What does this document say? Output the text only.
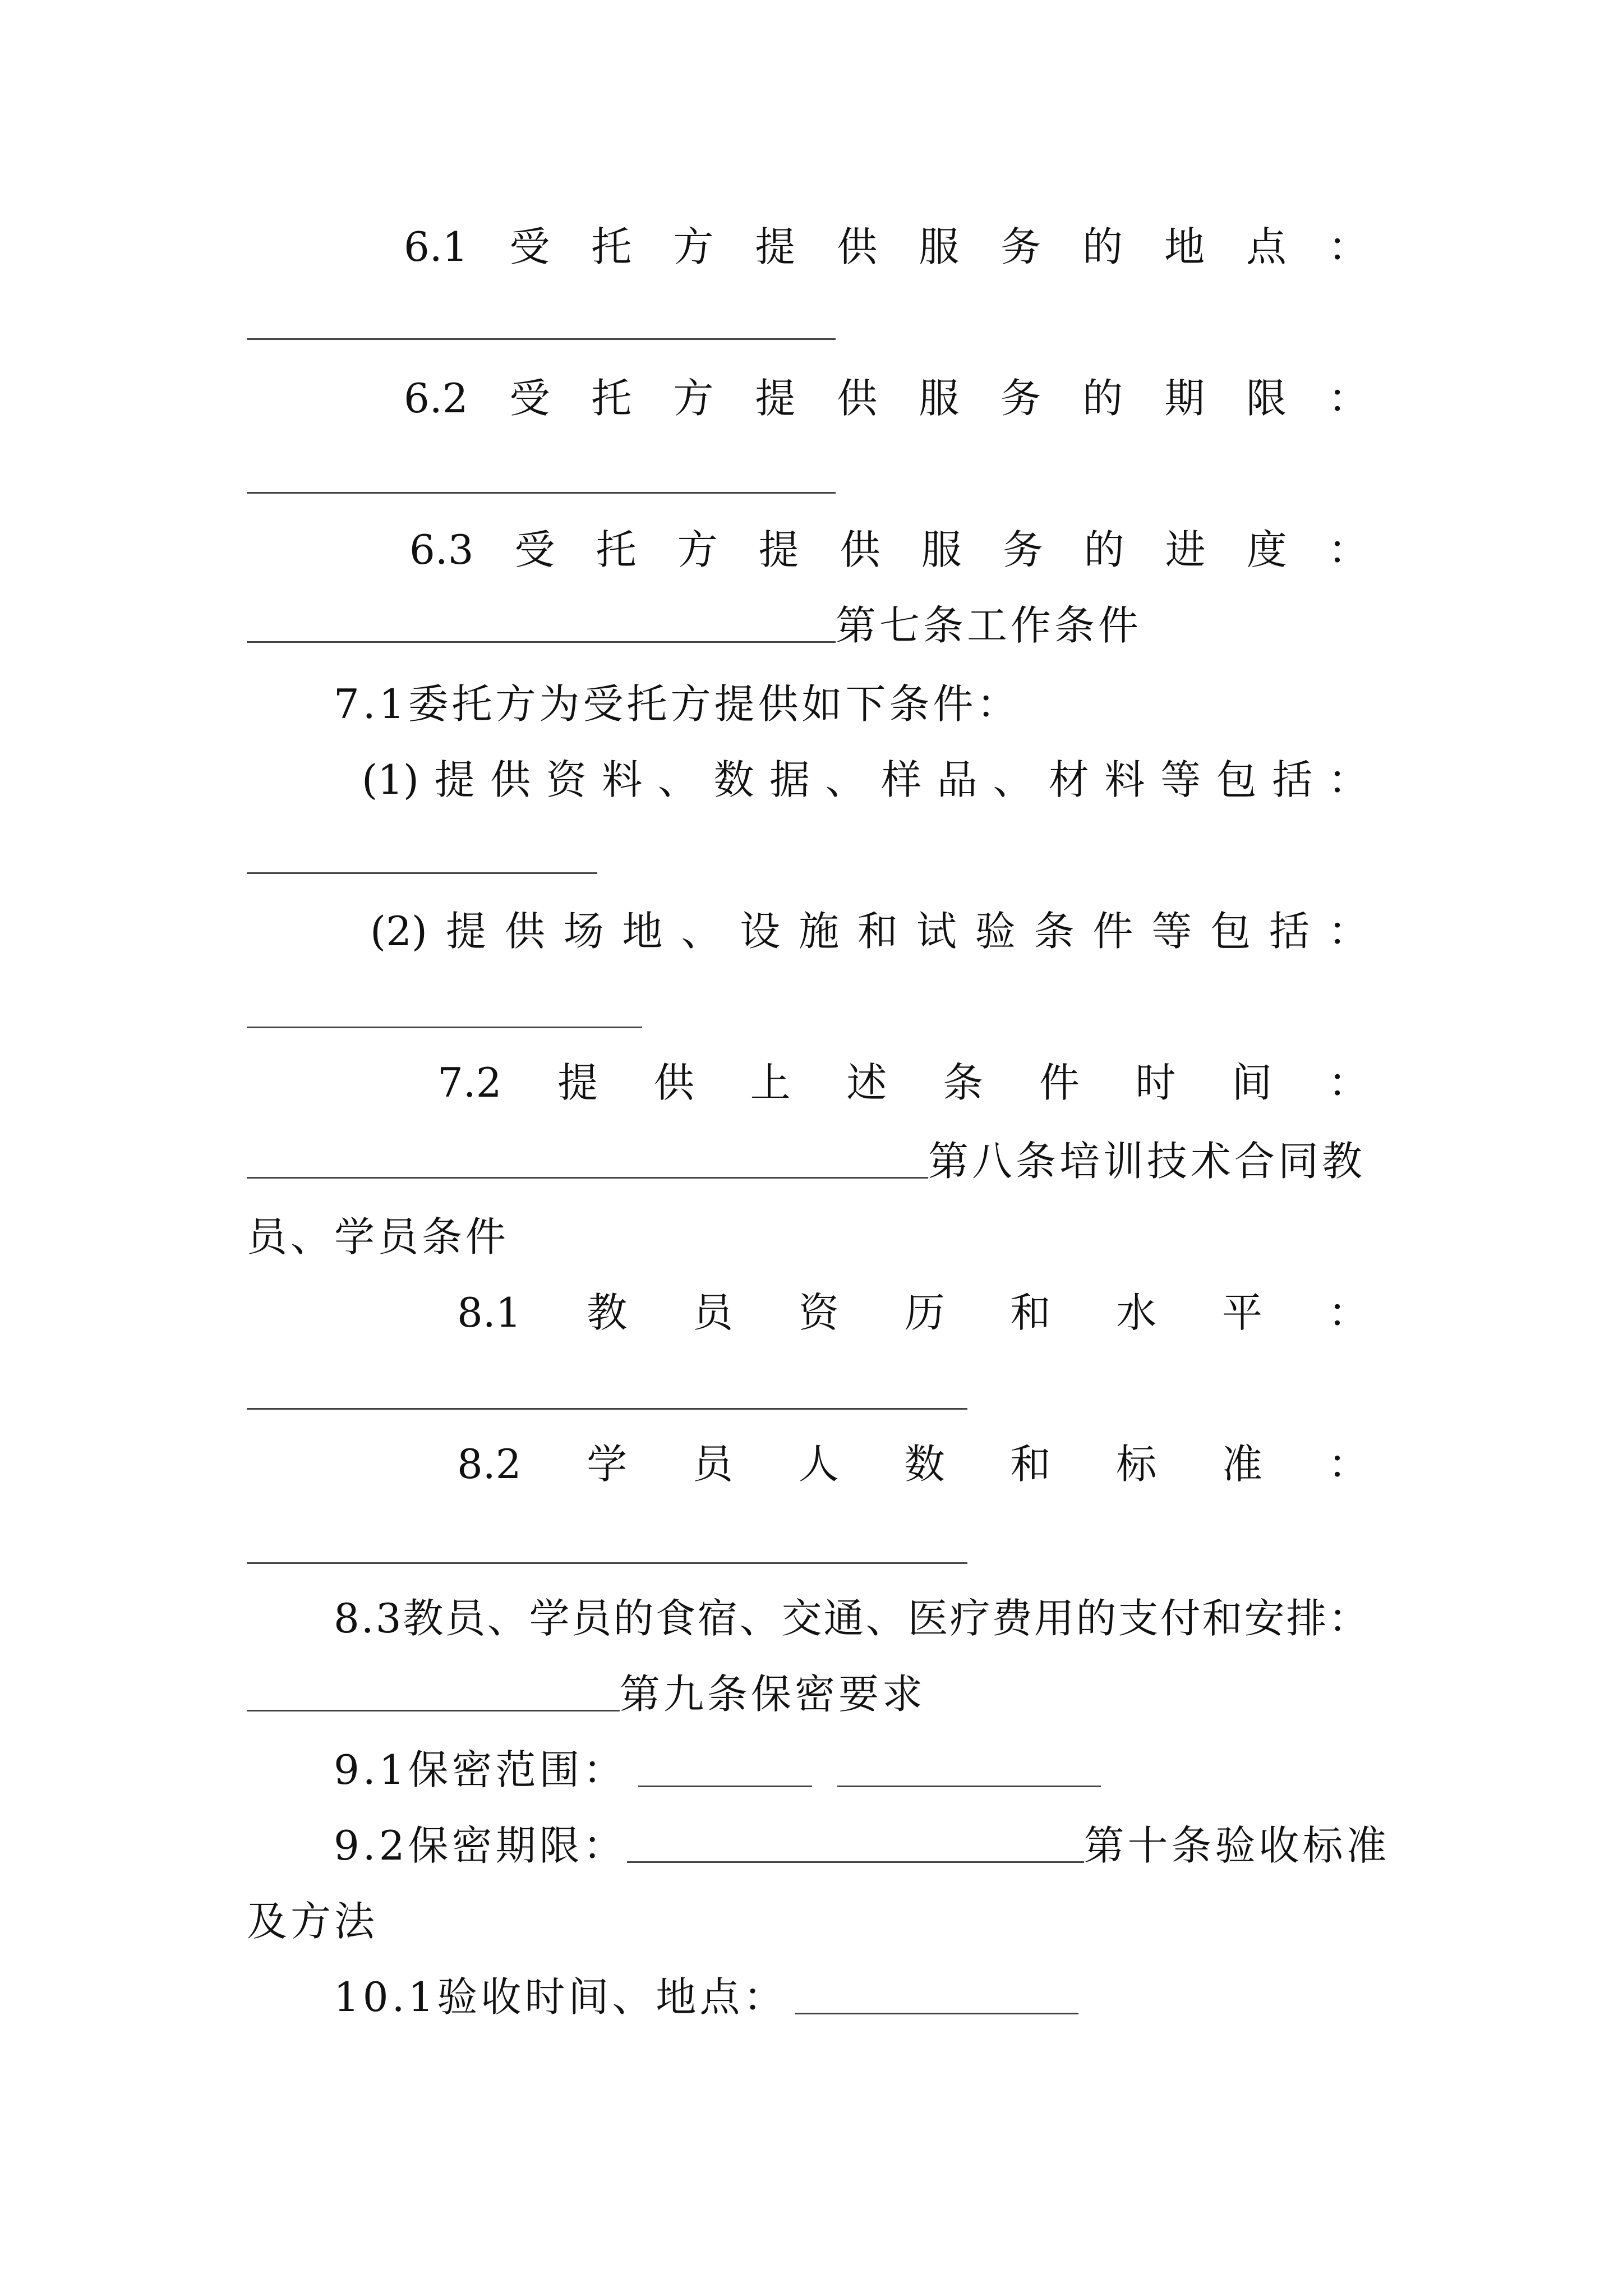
6.1 受 托 方 提 供 服 务 的 地 点 ：
6.2 受 托 方 提 供 服 务 的 期 限 ：
6.3 受 托 方 提 供 服 务 的 进 度 ：
第七条工作条件
7.1委托方为受托方提供如下条件：
(1) 提 供 资 料 、 数 据 、 样 品 、 材 料 等 包 括 ：
(2) 提 供 场 地 、 设 施 和 试 验 条 件 等 包 括 ：
7.2 提 供 上 述 条 件 时 间 ：
第八条培训技术合同教
员、学员条件
8.1 教 员 资 历 和 水 平 ：
8.2 学 员 人 数 和 标 准 ：
8.3教员、学员的食宿、交通、医疗费用的支付和安排：
第九条保密要求
9.1保密范围：
9.2保密期限：	第十条验收标准
及方法
10.1验收时间、地点：
